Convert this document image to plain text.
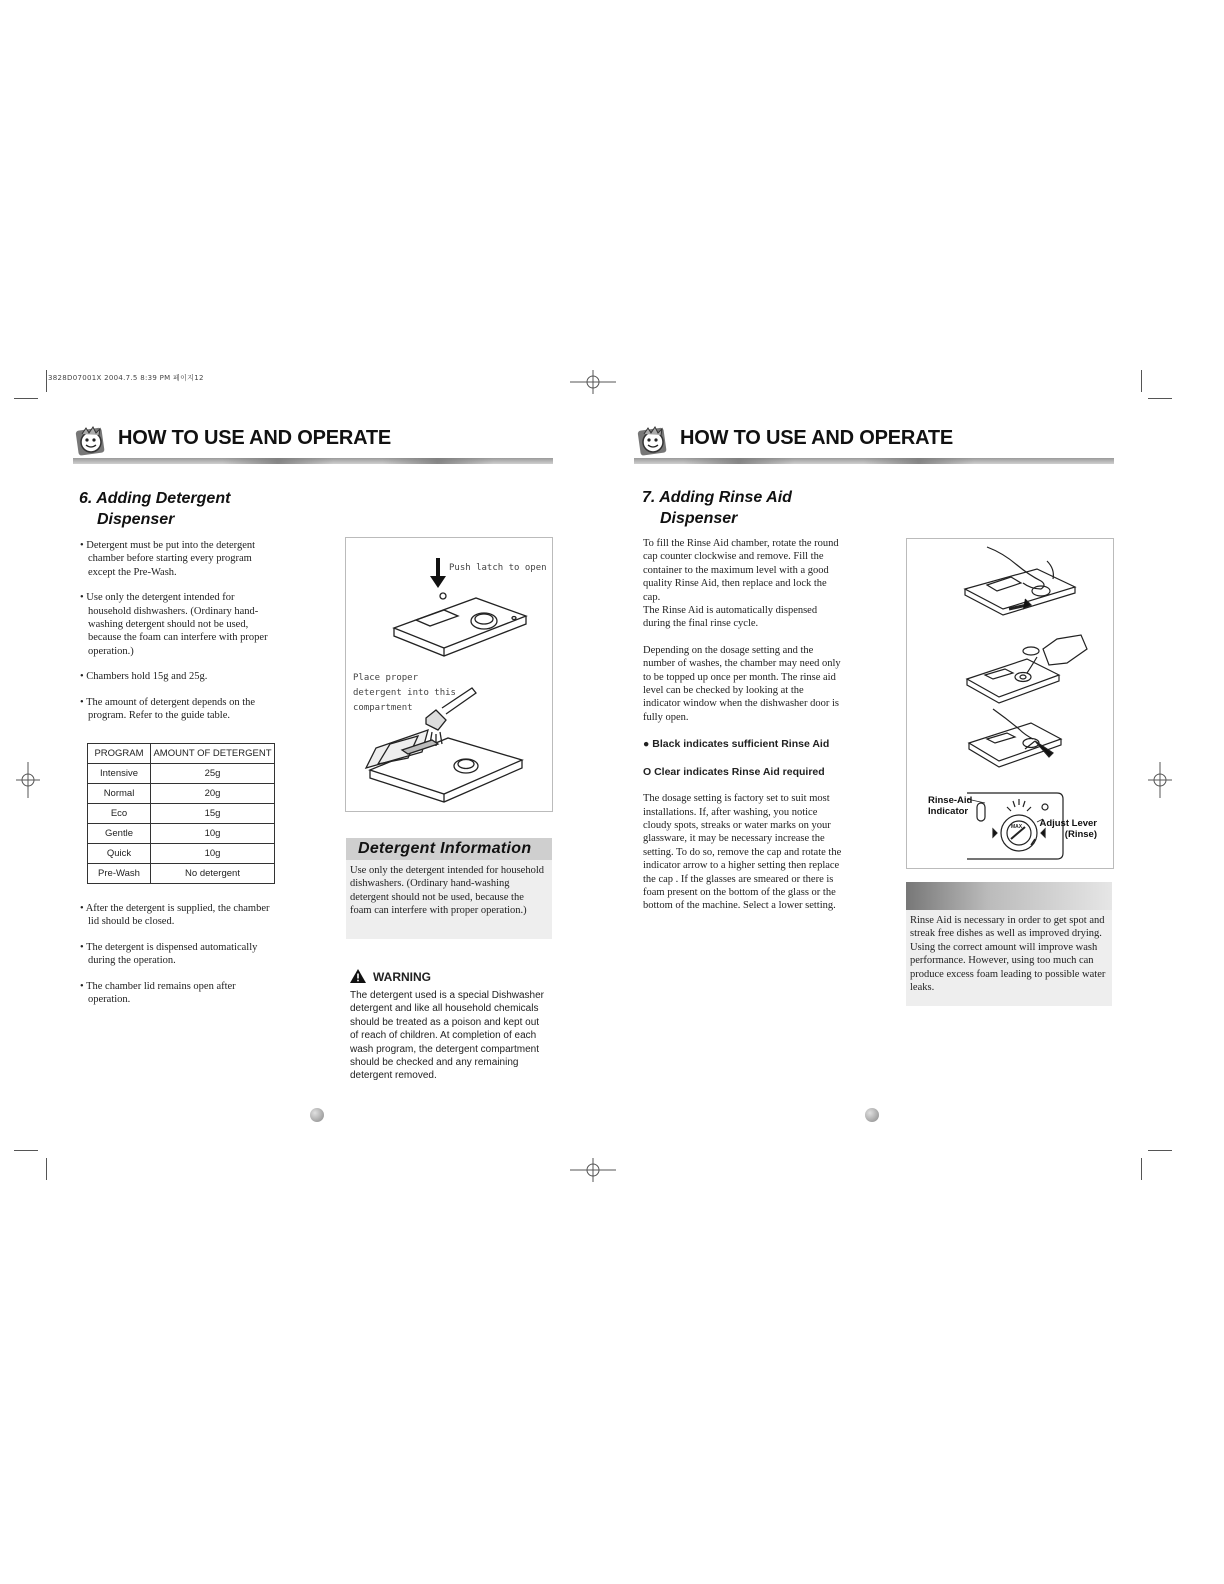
3828D07001X 2004.7.5 8:39 PM 페이지12
HOW TO USE AND OPERATE
6. Adding Detergent
Dispenser

• Detergent must be put into the detergent chamber before starting every program except the Pre-Wash.

• Use only the detergent intended for household dishwashers. (Ordinary hand-washing detergent should not be used, because the foam can interfere with proper operation.)

• Chambers hold 15g and 25g.

• The amount of detergent depends on the program. Refer to the guide table.

PROGRAM	AMOUNT OF DETERGENT
Intensive	25g
Normal	20g
Eco	15g
Gentle	10g
Quick	10g
Pre-Wash	No detergent

• After the detergent is supplied, the chamber lid should be closed.

• The detergent is dispensed automatically during the operation.

• The chamber lid remains open after operation.

Push latch to open
Place proper
detergent into this
compartment
Detergent Information
Use only the detergent intended for household dishwashers. (Ordinary hand-washing detergent should not be used, because the foam can interfere with proper operation.)
WARNING
The detergent used is a special Dishwasher detergent and like all household chemicals should be treated as a poison and kept out of reach of children. At completion of each wash program, the detergent compartment should be checked and any remaining detergent removed.
HOW TO USE AND OPERATE
7. Adding Rinse Aid
Dispenser
To fill the Rinse Aid chamber, rotate the round cap counter clockwise and remove. Fill the container to the maximum level with a good quality Rinse Aid, then replace and lock the cap.
The Rinse Aid is automatically dispensed during the final rinse cycle.
Depending on the dosage setting and the number of washes, the chamber may need only to be topped up once per month. The rinse aid level can be checked by looking at the indicator window when the dishwasher door is fully open.
● Black indicates sufficient Rinse Aid
O Clear indicates Rinse Aid required
The dosage setting is factory set to suit most installations. If, after washing, you notice cloudy spots, streaks or water marks on your glassware, it may be necessary increase the setting. To do so, remove the cap and rotate the indicator arrow to a higher setting then replace the cap . If the glasses are smeared or there is foam present on the bottom of the glass or the bottom of the machine. Select a lower setting.
MAX
Rinse-Aid
Indicator
Adjust Lever
(Rinse)
Rinse Aid is necessary in order to get spot and streak free dishes as well as improved drying. Using the correct amount will improve wash performance. However, using too much can produce excess foam leading to possible water leaks.
